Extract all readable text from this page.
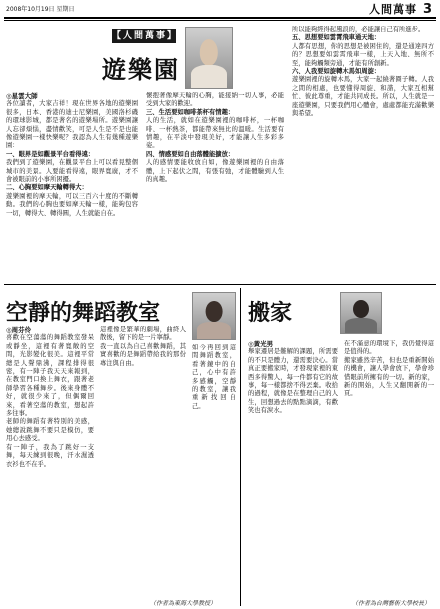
2008年10月19日 星期日	人間萬事 3
【人間萬事】
遊樂園

◎星雲大師

各位讀者，大家吉祥！現在世界各地的遊樂園很多，日本、香港的迪士尼樂園，美國洛杉磯的環球影城，都是著名的遊樂場所。遊樂園讓人忘卻煩惱，盡情歡笑，可是人生是不是也能像遊樂園一樣快樂呢？我認為人生有幾種遊樂園：

一、眼界是如觀景平台看得遠：

我們到了遊樂園，在觀景平台上可以看見整個城市的美景。人要能看得遠，眼界寬廣，才不會被眼前的小事所困擾。

二、心胸要如摩天輪轉得大：

遊樂園裡的摩天輪，可以三百六十度的不斷轉動。我們的心胸也要如摩天輪一樣，能夠包容一切，轉得大、轉得圓，人生就能自在。

懷抱著像摩天輪的心胸，能接納一切人事，必能受到大家的歡迎。

三、生活要如咖啡茶杯有情趣：

人的生活，就如在遊樂園裡的咖啡杯，一杯咖啡、一杯熱茶，都能帶來無比的溫暖。生活要有情趣，在平淡中發現美好，才能讓人生多彩多姿。

四、情感要如自由落體能擴放：

人的感情要能收放自如，像遊樂園裡的自由落體，上下起伏之間，有張有弛，才能體驗到人生的真趣。

所以能夠經得起風浪的，必能讓自己有所進步。

五、思想要如雲霄飛車通天地：

人都有思想，你的思想是被困住的，還是通達四方的？思想要如雲霄飛車一樣，上天入地、無所不至，能夠觸類旁通，才能有所創新。

六、人我要如旋轉木馬如周旋：

遊樂園裡的旋轉木馬，大家一起繞著圈子轉。人我之間的相處，也要懂得周旋、和諧，大家互相幫忙、彼此尊重，才能共同成長。所以，人生就是一座遊樂園，只要我們用心體會，處處都能充滿歡樂與希望。

空靜的舞蹈教室

◎周芬伶

喜歡在空蕩蕩的舞蹈教室發呆或靜坐，這裡有著寬敞的空間，光影變化很美。這裡平常總是人聲鼎沸，課程排得很密，有一陣子我天天來報到，在教室門口換上舞衣，跟著老師學習各種舞步。後來身體不好，就很少來了，但偶爾回來，看著空蕩的教室，想起許多往事。

老師的舞蹈有著特別的美感，她總說跳舞不要只是模仿，要用心去感受。

有一陣子，我為了跳好一支舞，每天練到很晚，汗水濕透衣衫也不在乎。

這裡像是繁華的劇場，曲終人散後，留下的是一片寧靜。

我一直以為自己喜歡舞蹈，其實喜歡的是舞蹈帶給我的那份專注與自由。

如今再回到這間舞蹈教室，看著鏡中的自己，心中有許多感觸，空靜的教室，讓我重新找回自己。

（作者為東海大學教授）
搬家

◎黃光男

舉家遷居是難解的課題，所需要的不只是體力，還需要決心。當真正要搬家時，才發現家裡的東西多得驚人，每一件都有它的故事，每一樣都捨不得丟棄。收拾的過程，就像是在整理自己的人生，回想過去的點點滴滴，有歡笑也有淚水。

在不滿意的環境下，我仍覺得這是值得的。

搬家雖然辛苦，但也是重新開始的機會，讓人學會放下，學會珍惜眼前所擁有的一切。新的家，新的開始，人生又翻開新的一頁。

（作者為台灣藝術大學校長）
